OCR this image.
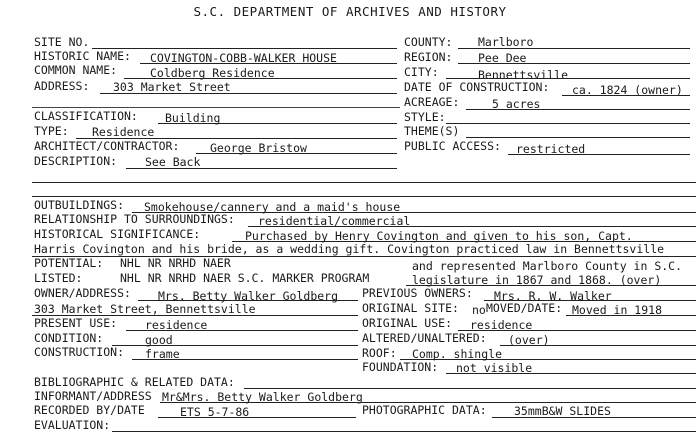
S.C. DEPARTMENT OF ARCHIVES AND HISTORY
SITE NO.
HISTORIC NAME: COVINGTON-COBB-WALKER HOUSE
COMMON NAME:	Coldberg Residence
ADDRESS: 303 Market Street
CLASSIFICATION: Building
TYPE: Residence
ARCHITECT/CONTRACTOR:	George Bristow
DESCRIPTION: See Back
COUNTY: Marlboro
REGION: Pee Dee
CITY:	Bennettsville
DATE OF CONSTRUCTION: ca. 1824 (owner)
ACREAGE:	5 acres
STYLE:
THEME(S)
PUBLIC ACCESS: restricted
OUTBUILDINGS: Smokehouse/cannery and a maid's house
RELATIONSHIP TO SURROUNDINGS: residential/commercial
HISTORICAL SIGNIFICANCE:	Purchased by Henry Covington and given to his son, Capt.
Harris Covington and his bride, as a wedding gift. Covington practiced law in Bennettsville
POTENTIAL: NHL NR NRHD NAER	and represented Marlboro County in S.C.
LISTED:	NHL NR NRHD NAER S.C. MARKER PROGRAM	legislature in 1867 and 1868. (over)
OWNER/ADDRESS: Mrs. Betty Walker Goldberg
303 Market Street, Bennettsville
PRESENT USE: residence
CONDITION:	good
CONSTRUCTION: frame
PREVIOUS OWNERS: Mrs. R. W. Walker
ORIGINAL SITE: no MOVED/DATE: Moved in 1918
ORIGINAL USE: residence
ALTERED/UNALTERED: (over)
ROOF: Comp. shingle
FOUNDATION: not visible
BIBLIOGRAPHIC & RELATED DATA:
INFORMANT/ADDRESS Mr&Mrs. Betty Walker Goldberg
RECORDED BY/DATE	ETS 5-7-86	PHOTOGRAPHIC DATA: 35mmB&W SLIDES
EVALUATION:
